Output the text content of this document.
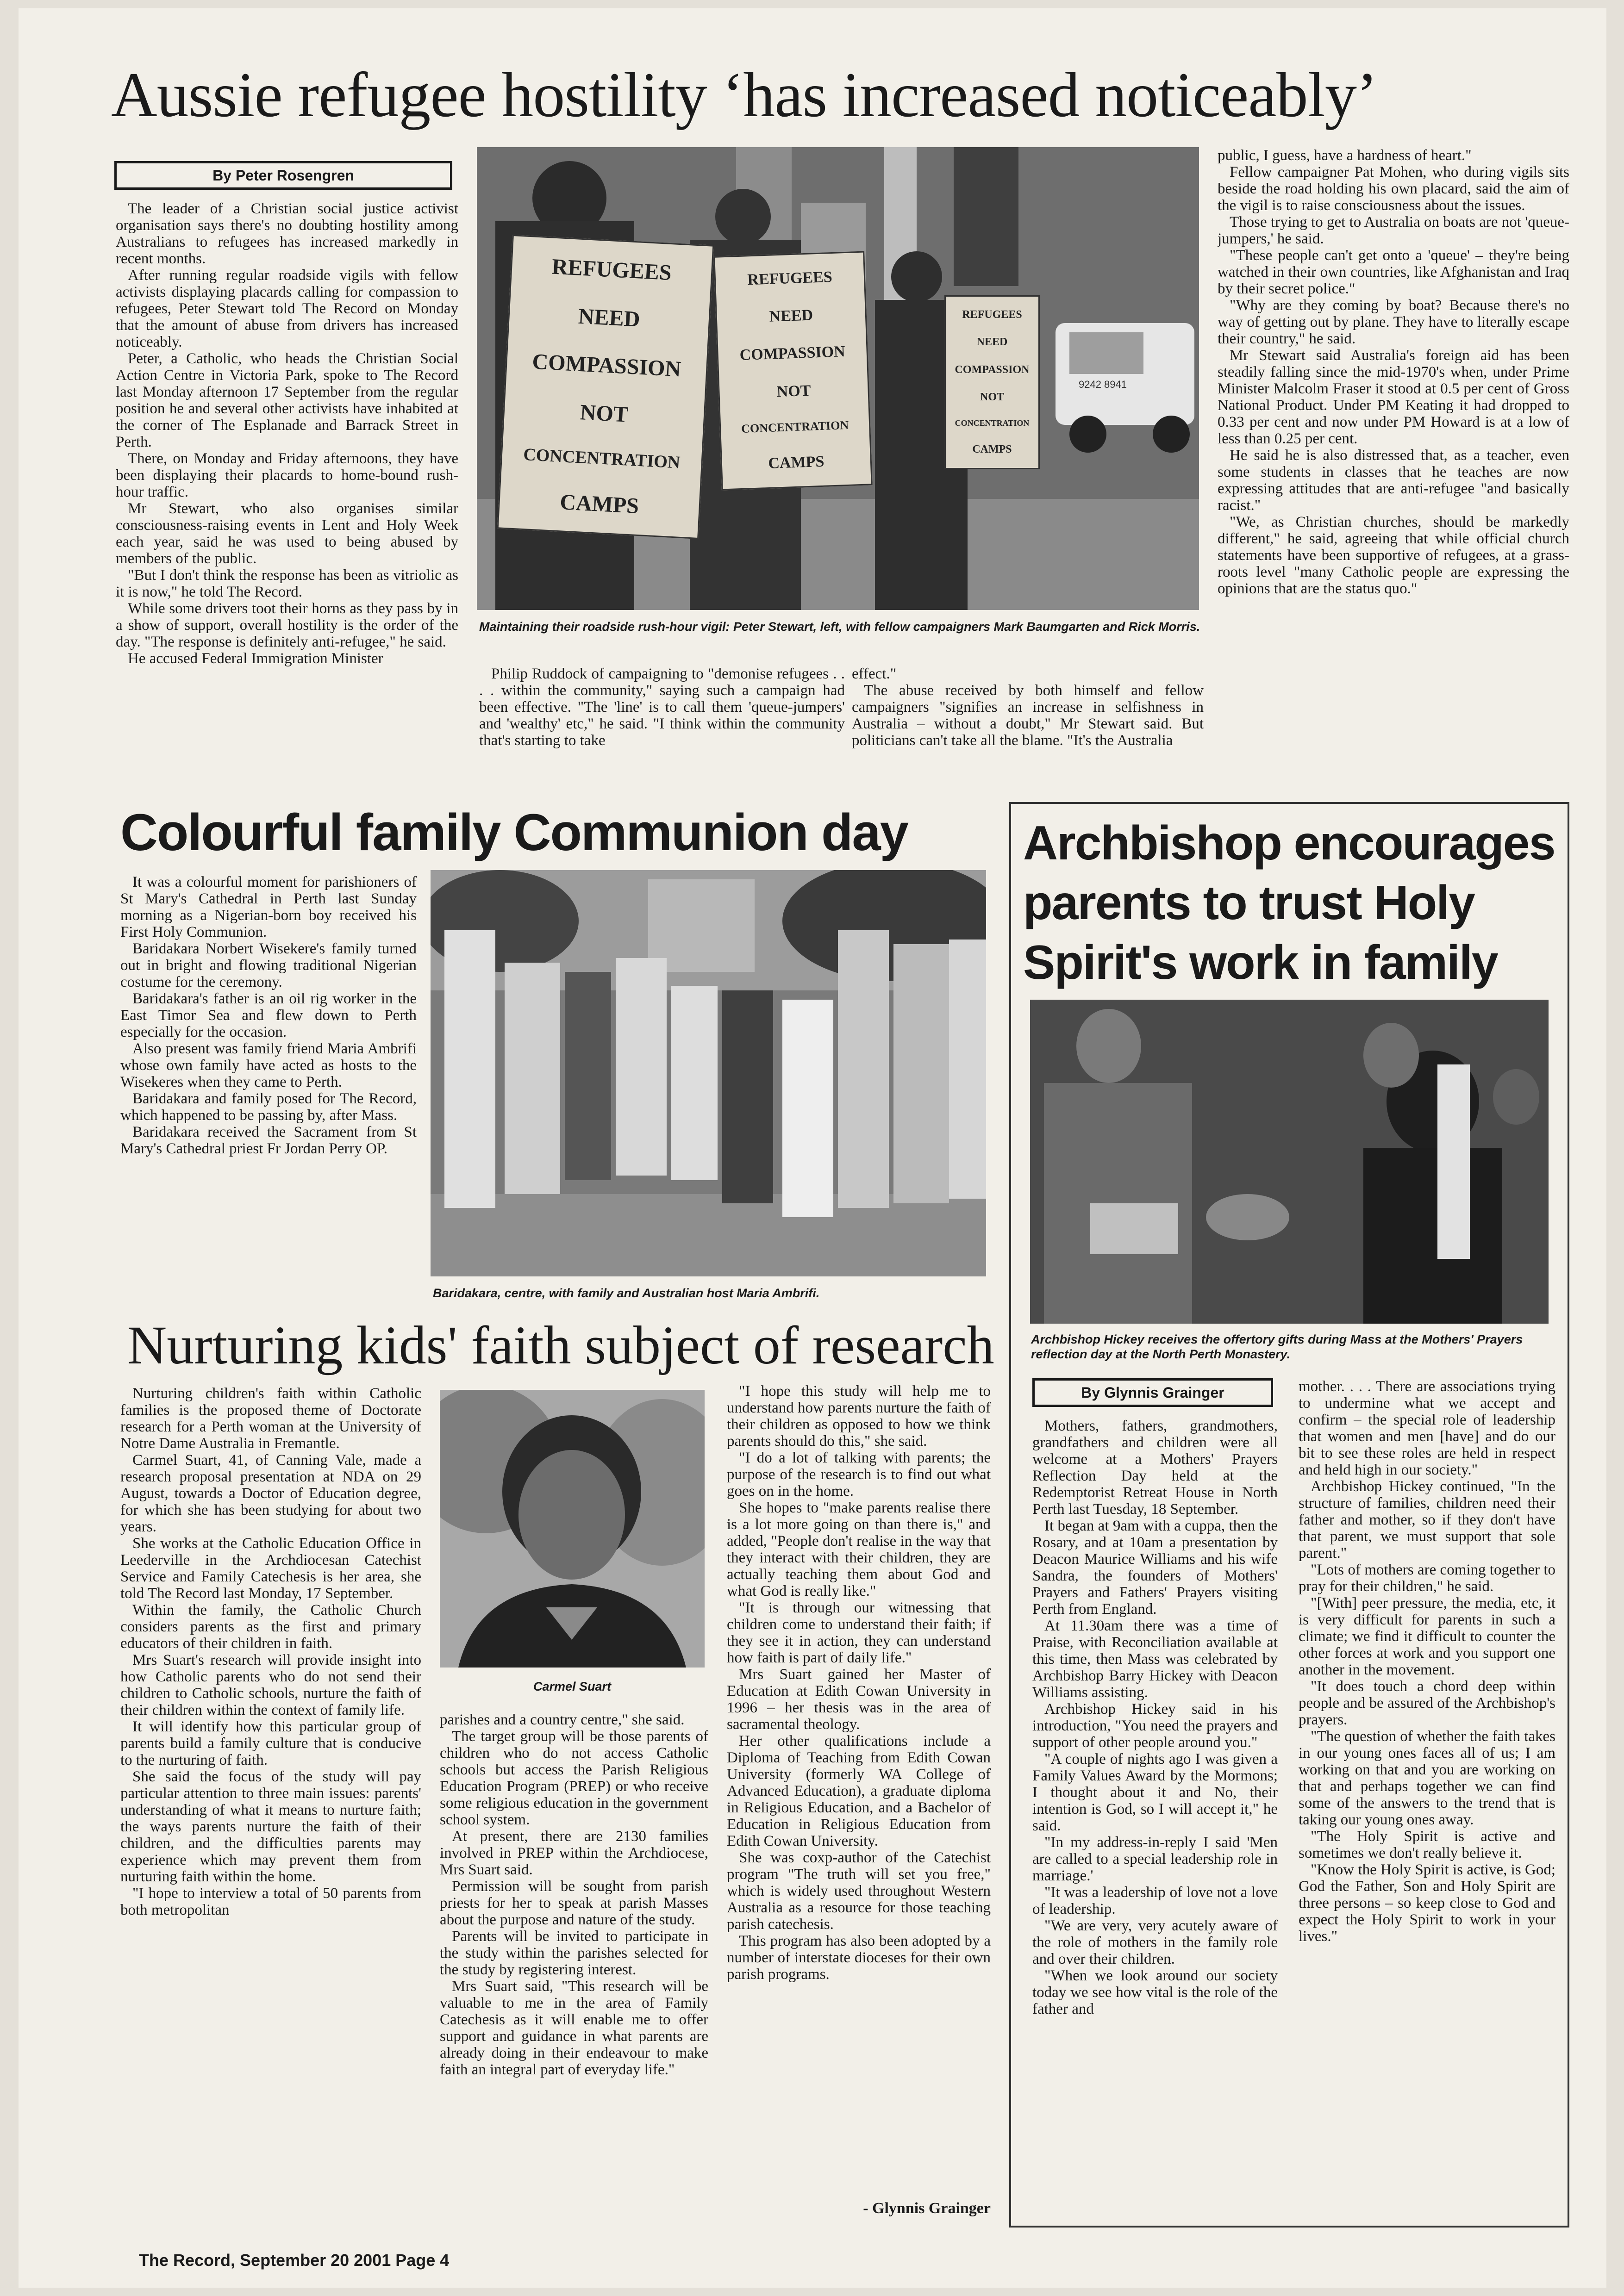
Aussie refugee hostility ‘has increased noticeably’
By Peter Rosengren

The leader of a Christian social justice activist organisation says there's no doubting hostility among Australians to refugees has increased markedly in recent months.

After running regular roadside vigils with fellow activists displaying placards calling for compassion to refugees, Peter Stewart told The Record on Monday that the amount of abuse from drivers has increased noticeably.

Peter, a Catholic, who heads the Christian Social Action Centre in Victoria Park, spoke to The Record last Monday afternoon 17 September from the regular position he and several other activists have inhabited at the corner of The Esplanade and Barrack Street in Perth.

There, on Monday and Friday afternoons, they have been displaying their placards to home-bound rush-hour traffic.

Mr Stewart, who also organises similar consciousness-raising events in Lent and Holy Week each year, said he was used to being abused by members of the public.

"But I don't think the response has been as vitriolic as it is now," he told The Record.

While some drivers toot their horns as they pass by in a show of support, overall hostility is the order of the day. "The response is definitely anti-refugee," he said.

He accused Federal Immigration Minister

REFUGEES
NEED
COMPASSION
NOT
CONCENTRATION
CAMPS
REFUGEES
NEED
COMPASSION
NOT
CONCENTRATION
CAMPS
REFUGEES
NEED
COMPASSION
NOT
CONCENTRATION
CAMPS
9242 8941
Maintaining their roadside rush-hour vigil: Peter Stewart, left, with fellow campaigners Mark Baumgarten and Rick Morris.

Philip Ruddock of campaigning to "demonise refugees . . . . within the community," saying such a campaign had been effective. "The 'line' is to call them 'queue-jumpers' and 'wealthy' etc," he said. "I think within the community that's starting to take

effect."

The abuse received by both himself and fellow campaigners "signifies an increase in selfishness in Australia – without a doubt," Mr Stewart said. But politicians can't take all the blame. "It's the Australia

public, I guess, have a hardness of heart."

Fellow campaigner Pat Mohen, who during vigils sits beside the road holding his own placard, said the aim of the vigil is to raise consciousness about the issues.

Those trying to get to Australia on boats are not 'queue-jumpers,' he said.

"These people can't get onto a 'queue' – they're being watched in their own countries, like Afghanistan and Iraq by their secret police."

"Why are they coming by boat? Because there's no way of getting out by plane. They have to literally escape their country," he said.

Mr Stewart said Australia's foreign aid has been steadily falling since the mid-1970's when, under Prime Minister Malcolm Fraser it stood at 0.5 per cent of Gross National Product. Under PM Keating it had dropped to 0.33 per cent and now under PM Howard is at a low of less than 0.25 per cent.

He said he is also distressed that, as a teacher, even some students in classes that he teaches are now expressing attitudes that are anti-refugee "and basically racist."

"We, as Christian churches, should be markedly different," he said, agreeing that while official church statements have been supportive of refugees, at a grass-roots level "many Catholic people are expressing the opinions that are the status quo."

Colourful family Communion day

It was a colourful moment for parishioners of St Mary's Cathedral in Perth last Sunday morning as a Nigerian-born boy received his First Holy Communion.

Baridakara Norbert Wisekere's family turned out in bright and flowing traditional Nigerian costume for the ceremony.

Baridakara's father is an oil rig worker in the East Timor Sea and flew down to Perth especially for the occasion.

Also present was family friend Maria Ambrifi whose own family have acted as hosts to the Wisekeres when they came to Perth.

Baridakara and family posed for The Record, which happened to be passing by, after Mass.

Baridakara received the Sacrament from St Mary's Cathedral priest Fr Jordan Perry OP.

Baridakara, centre, with family and Australian host Maria Ambrifi.
Archbishop encourages parents to trust Holy Spirit's work in family
Archbishop Hickey receives the offertory gifts during Mass at the Mothers' Prayers reflection day at the North Perth Monastery.
By Glynnis Grainger

Mothers, fathers, grandmothers, grandfathers and children were all welcome at a Mothers' Prayers Reflection Day held at the Redemptorist Retreat House in North Perth last Tuesday, 18 September.

It began at 9am with a cuppa, then the Rosary, and at 10am a presentation by Deacon Maurice Williams and his wife Sandra, the founders of Mothers' Prayers and Fathers' Prayers visiting Perth from England.

At 11.30am there was a time of Praise, with Reconciliation available at this time, then Mass was celebrated by Archbishop Barry Hickey with Deacon Williams assisting.

Archbishop Hickey said in his introduction, "You need the prayers and support of other people around you."

"A couple of nights ago I was given a Family Values Award by the Mormons; I thought about it and No, their intention is God, so I will accept it," he said.

"In my address-in-reply I said 'Men are called to a special leadership role in marriage.'

"It was a leadership of love not a love of leadership.

"We are very, very acutely aware of the role of mothers in the family role and over their children.

"When we look around our society today we see how vital is the role of the father and

mother. . . . There are associations trying to undermine what we accept and confirm – the special role of leadership that women and men [have] and do our bit to see these roles are held in respect and held high in our society."

Archbishop Hickey continued, "In the structure of families, children need their father and mother, so if they don't have that parent, we must support that sole parent."

"Lots of mothers are coming together to pray for their children," he said.

"[With] peer pressure, the media, etc, it is very difficult for parents in such a climate; we find it difficult to counter the other forces at work and you support one another in the movement.

"It does touch a chord deep within people and be assured of the Archbishop's prayers.

"The question of whether the faith takes in our young ones faces all of us; I am working on that and you are working on that and perhaps together we can find some of the answers to the trend that is taking our young ones away.

"The Holy Spirit is active and sometimes we don't really believe it.

"Know the Holy Spirit is active, is God; God the Father, Son and Holy Spirit are three persons – so keep close to God and expect the Holy Spirit to work in your lives."

Nurturing kids' faith subject of research

Nurturing children's faith within Catholic families is the proposed theme of Doctorate research for a Perth woman at the University of Notre Dame Australia in Fremantle.

Carmel Suart, 41, of Canning Vale, made a research proposal presentation at NDA on 29 August, towards a Doctor of Education degree, for which she has been studying for about two years.

She works at the Catholic Education Office in Leederville in the Archdiocesan Catechist Service and Family Catechesis is her area, she told The Record last Monday, 17 September.

Within the family, the Catholic Church considers parents as the first and primary educators of their children in faith.

Mrs Suart's research will provide insight into how Catholic parents who do not send their children to Catholic schools, nurture the faith of their children within the context of family life.

It will identify how this particular group of parents build a family culture that is conducive to the nurturing of faith.

She said the focus of the study will pay particular attention to three main issues: parents' understanding of what it means to nurture faith; the ways parents nurture the faith of their children, and the difficulties parents may experience which may prevent them from nurturing faith within the home.

"I hope to interview a total of 50 parents from both metropolitan

Carmel Suart

parishes and a country centre," she said.

The target group will be those parents of children who do not access Catholic schools but access the Parish Religious Education Program (PREP) or who receive some religious education in the government school system.

At present, there are 2130 families involved in PREP within the Archdiocese, Mrs Suart said.

Permission will be sought from parish priests for her to speak at parish Masses about the purpose and nature of the study.

Parents will be invited to participate in the study within the parishes selected for the study by registering interest.

Mrs Suart said, "This research will be valuable to me in the area of Family Catechesis as it will enable me to offer support and guidance in what parents are already doing in their endeavour to make faith an integral part of everyday life."

"I hope this study will help me to understand how parents nurture the faith of their children as opposed to how we think parents should do this," she said.

"I do a lot of talking with parents; the purpose of the research is to find out what goes on in the home.

She hopes to "make parents realise there is a lot more going on than there is," and added, "People don't realise in the way that they interact with their children, they are actually teaching them about God and what God is really like."

"It is through our witnessing that children come to understand their faith; if they see it in action, they can understand how faith is part of daily life."

Mrs Suart gained her Master of Education at Edith Cowan University in 1996 – her thesis was in the area of sacramental theology.

Her other qualifications include a Diploma of Teaching from Edith Cowan University (formerly WA College of Advanced Education), a graduate diploma in Religious Education, and a Bachelor of Education in Religious Education from Edith Cowan University.

She was coxp-author of the Catechist program "The truth will set you free," which is widely used throughout Western Australia as a resource for those teaching parish catechesis.

This program has also been adopted by a number of interstate dioceses for their own parish programs.

- Glynnis Grainger
The Record, September 20 2001 Page 4
